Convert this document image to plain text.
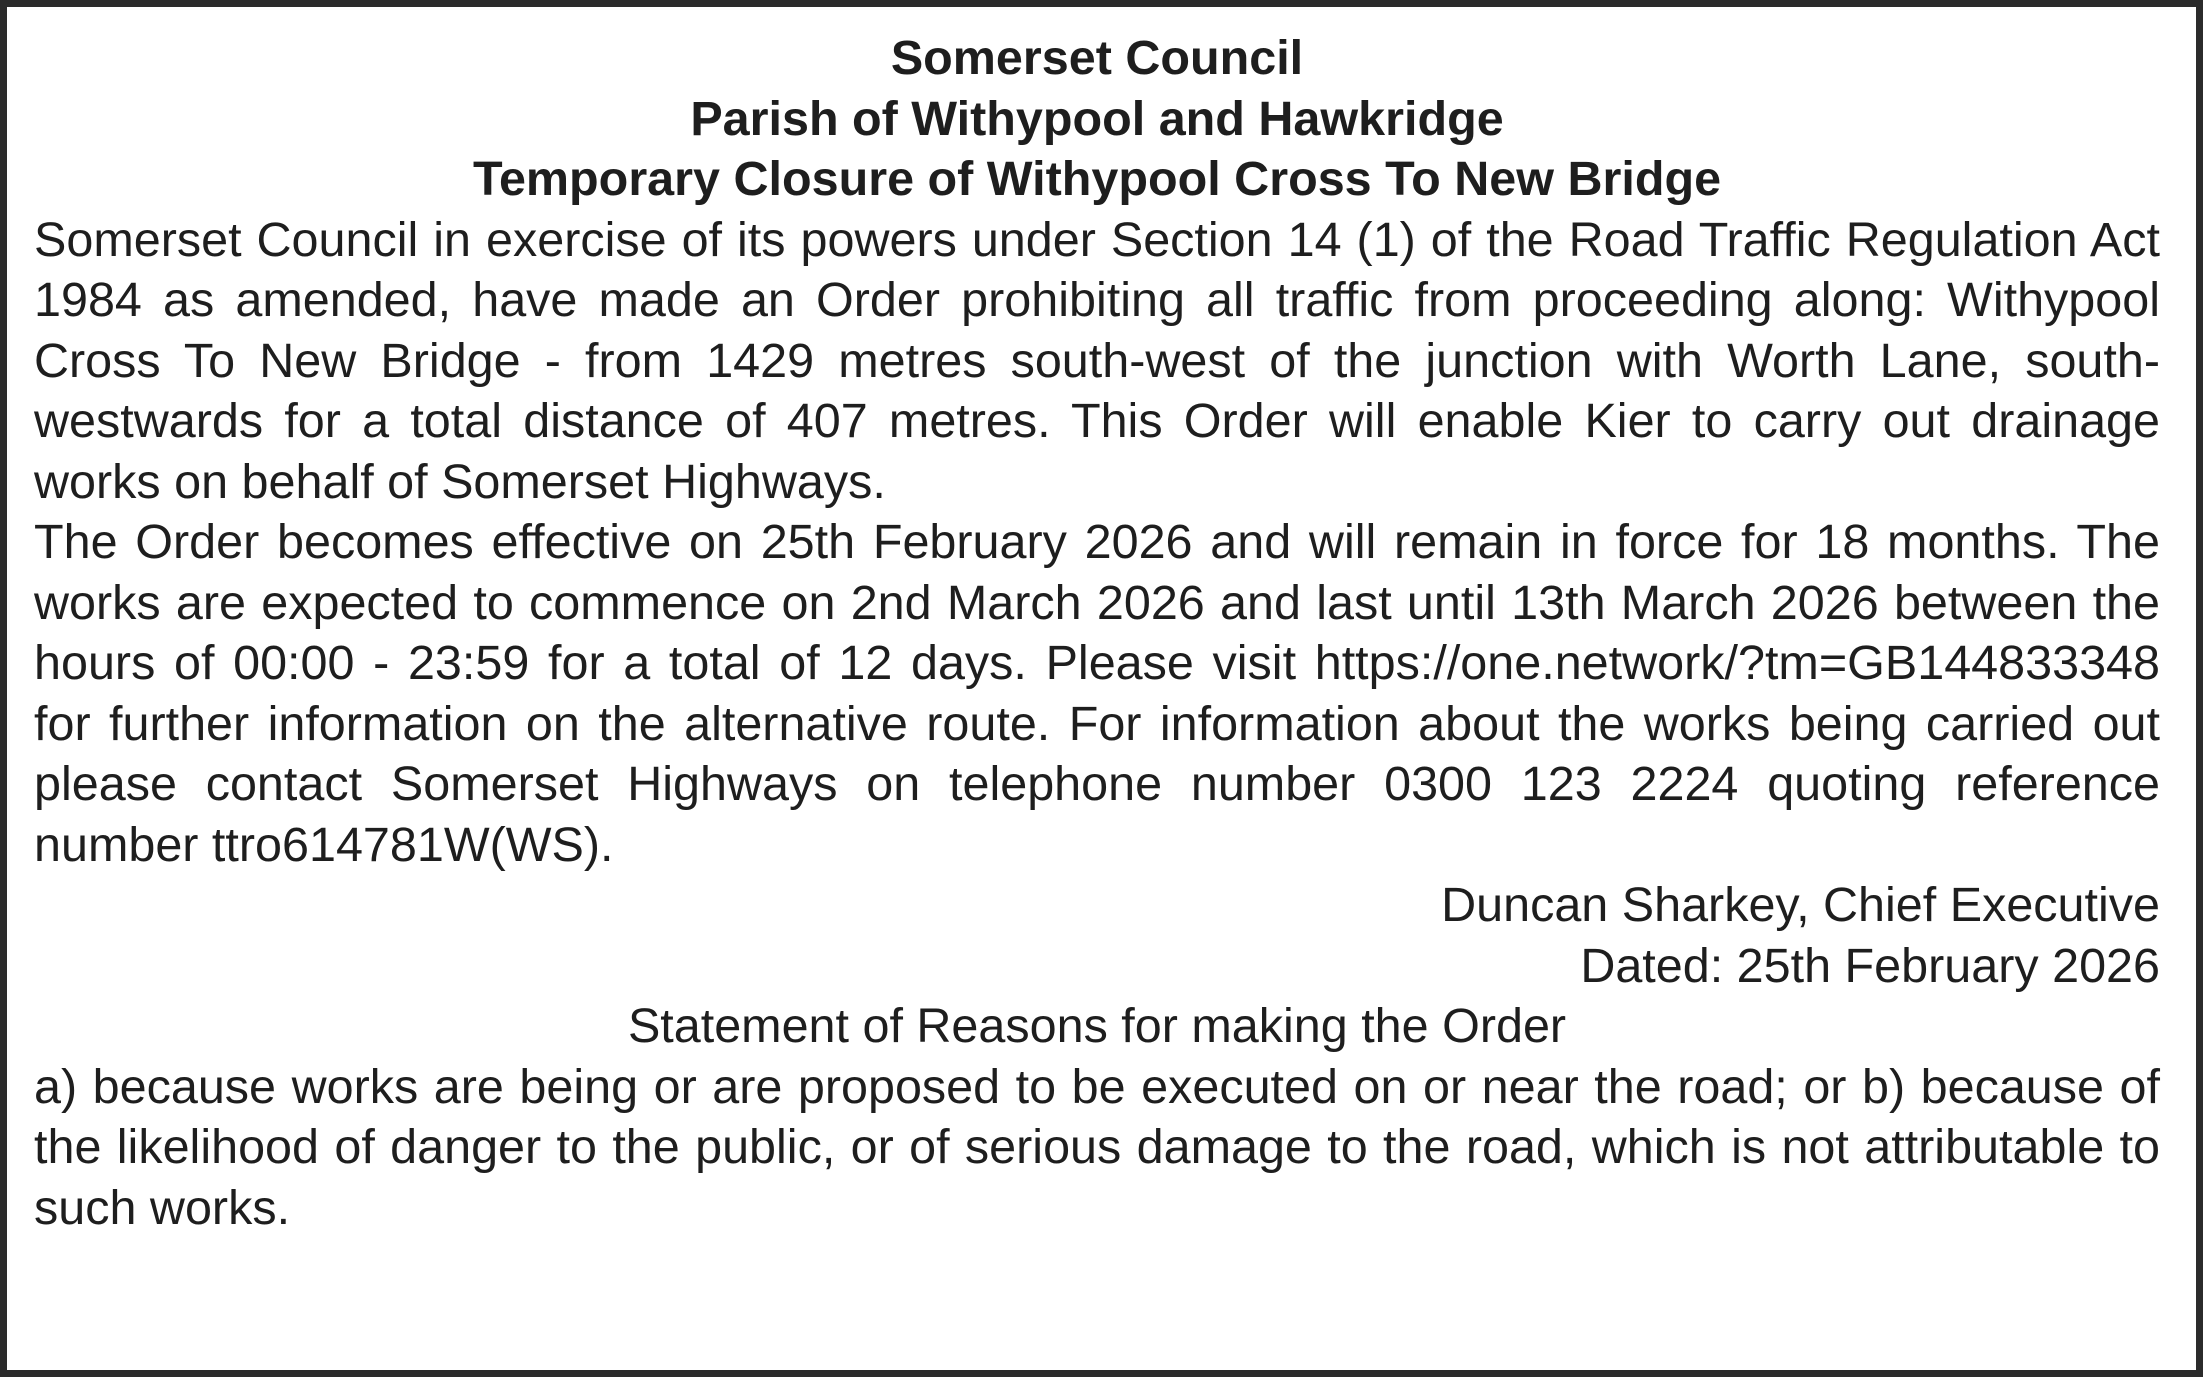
Somerset Council
Parish of Withypool and Hawkridge
Temporary Closure of Withypool Cross To New Bridge
Somerset Council in exercise of its powers under Section 14 (1) of the Road Traffic Regulation Act 1984 as amended, have made an Order prohibiting all traffic from proceeding along: Withypool Cross To New Bridge - from 1429 metres south-west of the junction with Worth Lane, south-westwards for a total distance of 407 metres. This Order will enable Kier to carry out drainage works on behalf of Somerset Highways.
The Order becomes effective on 25th February 2026 and will remain in force for 18 months. The works are expected to commence on 2nd March 2026 and last until 13th March 2026 between the hours of 00:00 - 23:59 for a total of 12 days. Please visit https://one.network/?tm=GB144833348 for further information on the alternative route. For information about the works being carried out please contact Somerset Highways on telephone number 0300 123 2224 quoting reference number ttro614781W(WS).
Duncan Sharkey, Chief Executive
Dated: 25th February 2026
Statement of Reasons for making the Order
a) because works are being or are proposed to be executed on or near the road; or b) because of the likelihood of danger to the public, or of serious damage to the road, which is not attributable to such works.
